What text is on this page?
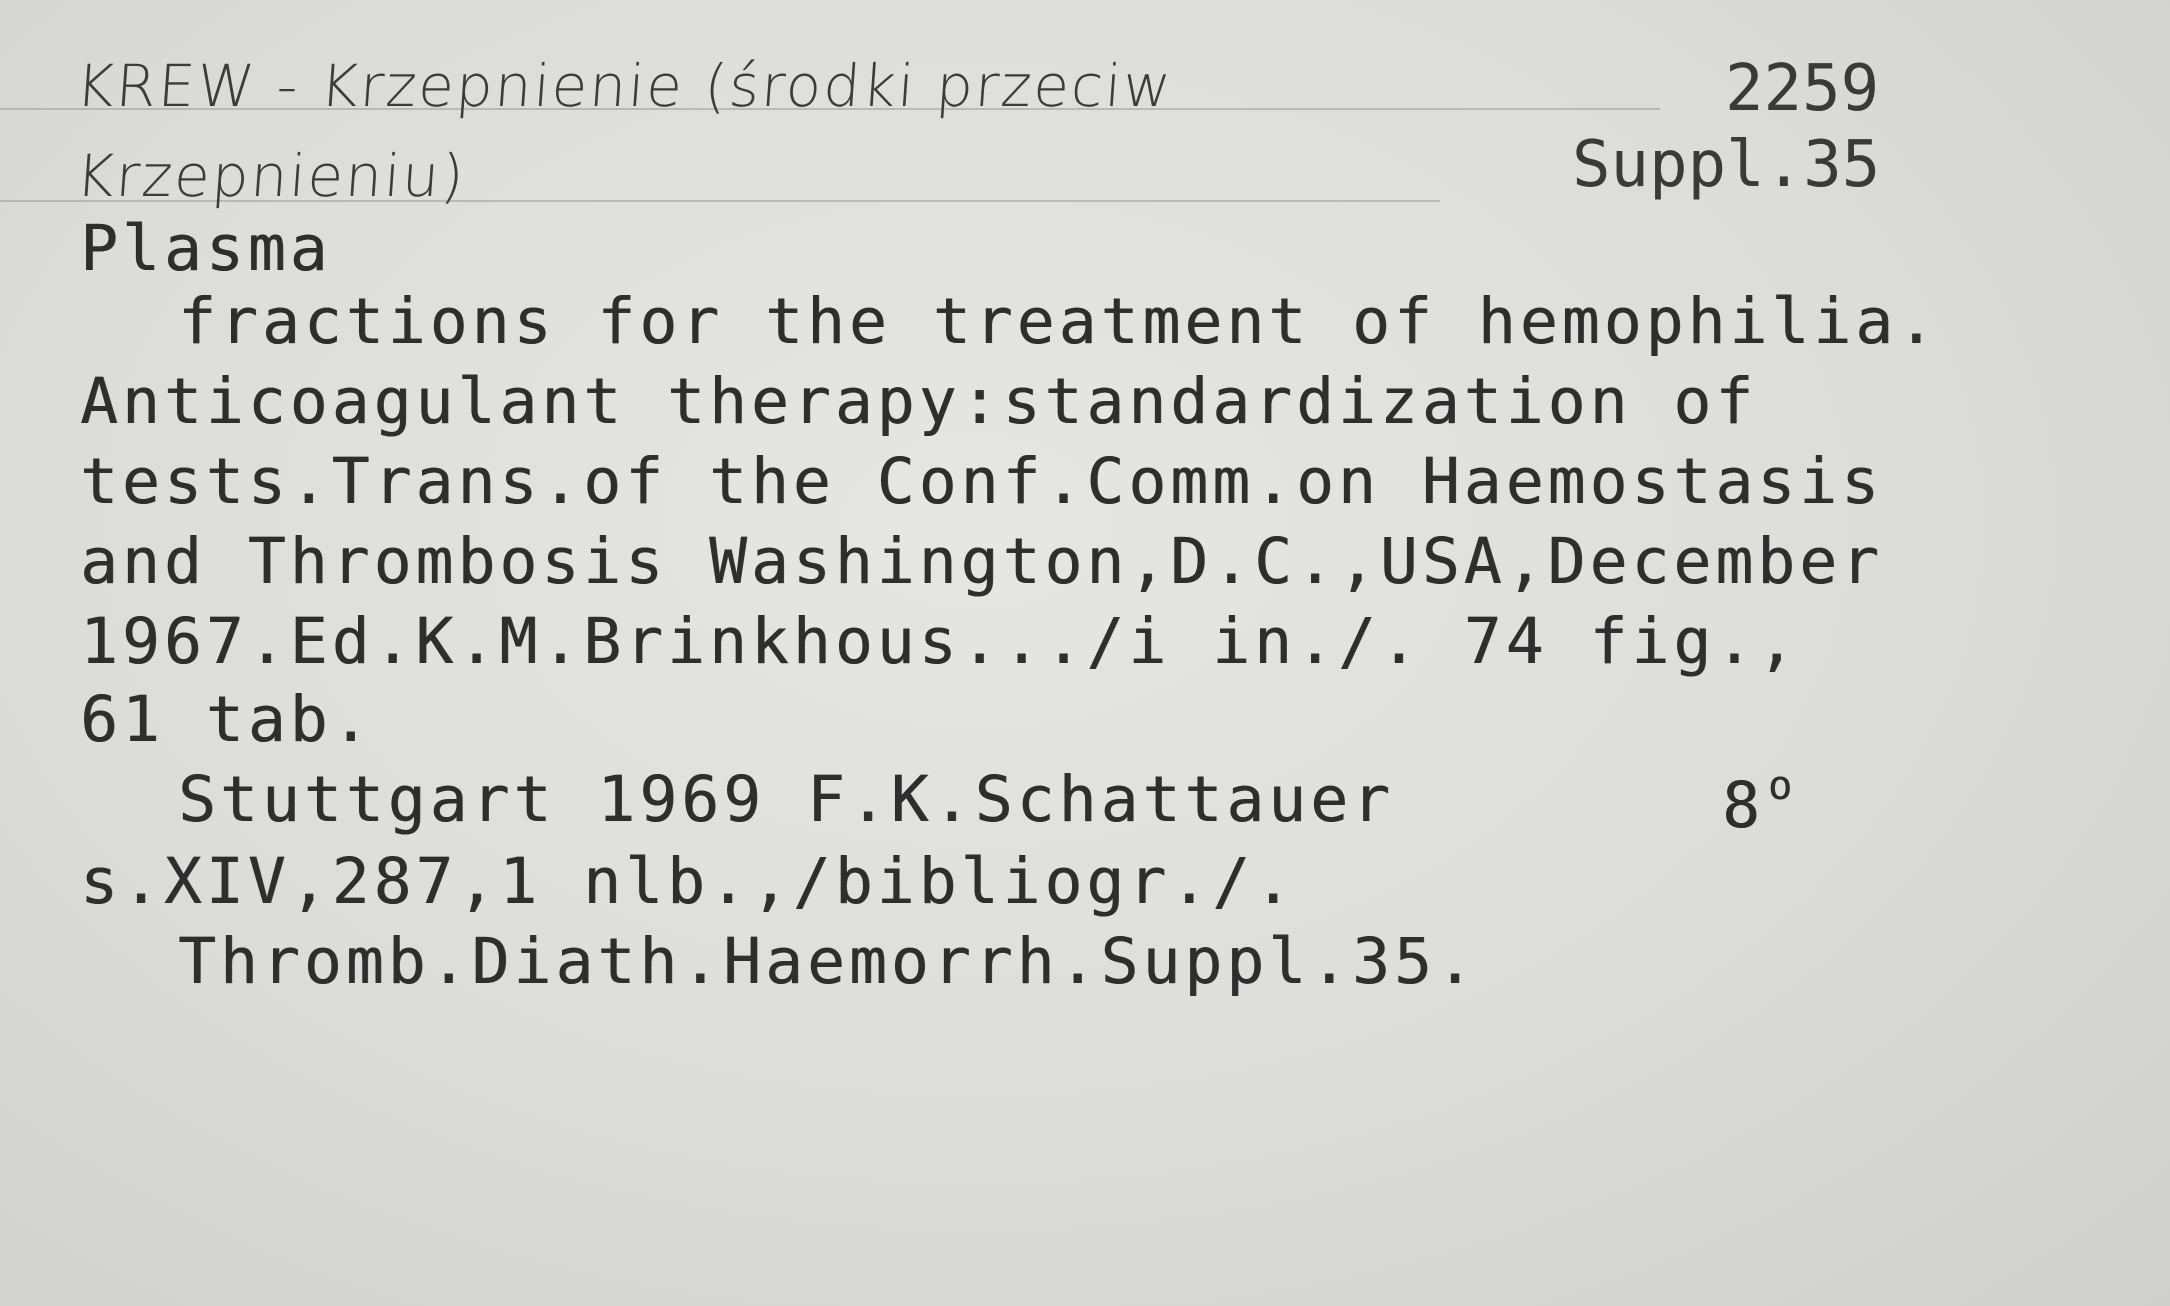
KREW - Krzepnienie (środki przeciw
Krzepnieniu)
2259
Suppl.35
Plasma
fractions for the treatment of hemophilia.
Anticoagulant therapy:standardization of
tests.Trans.of the Conf.Comm.on Haemostasis
and Thrombosis Washington,D.C.,USA,December
1967.Ed.K.M.Brinkhous.../i in./. 74 fig.,
61 tab.
Stuttgart 1969 F.K.Schattauer	8 $^o$
s.XIV,287,1 nlb.,/bibliogr./.
Thromb.Diath.Haemorrh.Suppl.35.
